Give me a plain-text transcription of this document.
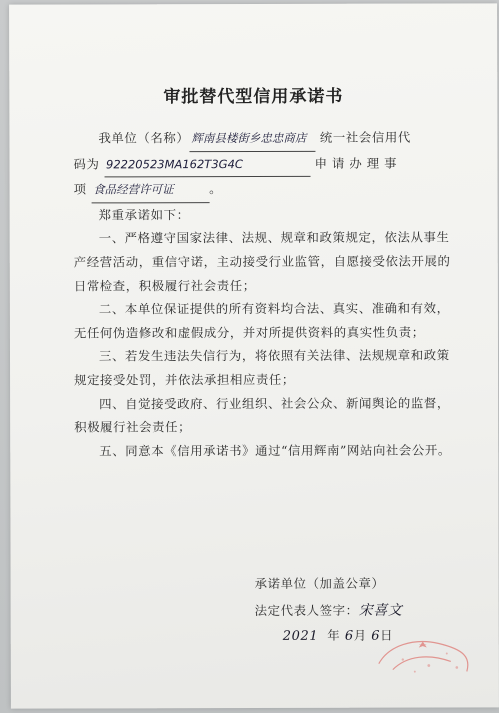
审批替代型信用承诺书
我单位（名称） 辉南县楼街乡忠忠商店 统一社会信用代
码为 92220523MA162T3G4C	申请办理事
项 食品经营许可证	。
郑重承诺如下：
一、严格遵守国家法律、法规、规章和政策规定，依法从事生产经营活动，重信守诺，主动接受行业监管，自愿接受依法开展的日常检查，积极履行社会责任；
二、本单位保证提供的所有资料均合法、真实、准确和有效，无任何伪造修改和虚假成分，并对所提供资料的真实性负责；
三、若发生违法失信行为，将依照有关法律、法规规章和政策规定接受处罚，并依法承担相应责任；
四、自觉接受政府、行业组织、社会公众、新闻舆论的监督，积极履行社会责任；
五、同意本《信用承诺书》通过“信用辉南”网站向社会公开。
承诺单位（加盖公章）
法定代表人签字：宋喜文
2021 年 6月 6日
